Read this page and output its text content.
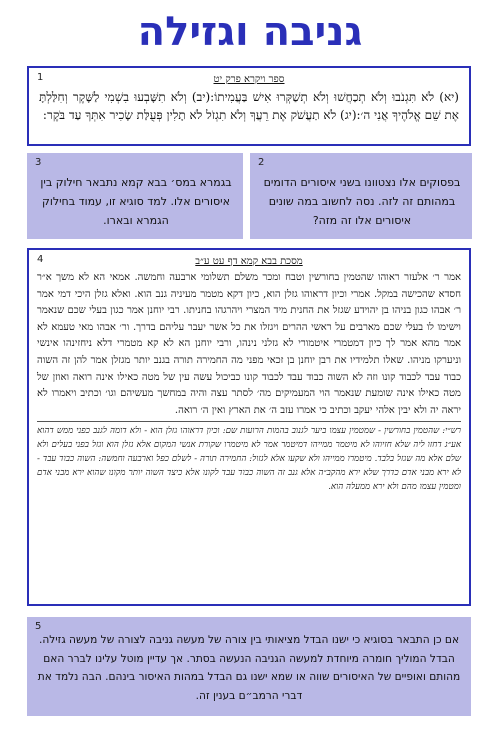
גניבה וגזילה
1	ספר ויקרא פרק יט

(יא) לֹא תִּגְנֹבוּ וְלֹא תְכַחֲשׁוּ וְלֹא תְשַׁקְּרוּ אִישׁ בַּעֲמִיתוֹ:(יב) וְלֹא תִשָּׁבְעוּ בִשְׁמִי לַשָּׁקֶר וְחִלַּלְתָּ אֶת שֵׁם אֱלֹהֶיךָ אֲנִי ה׳:(יג) לֹא תַעֲשֹׁק אֶת רֵעֲךָ וְלֹא תִגְזֹל לֹא תָלִין פְּעֻלַּת שָׂכִיר אִתְּךָ עַד בֹּקֶר:

2

בפסוקים אלו נצטוונו בשני איסורים הדומים במהותם זה לזה. נסה לחשוב במה שונים איסורים אלו זה מזה?

3

בגמרא במס׳ בבא קמא נתבאר חילוק בין איסורים אלו. למד סוגיא זו, עמוד בחילוק הגמרא ובארו.

4	מסכת בבא קמא דף עט ע״ב

אמר ר׳ אלעזר ראוהו שהטמין בחורשין וטבח ומכר משלם תשלומי ארבעה וחמשה. אמאי הא לא משך א״ר חסדא שהכישה במקל. אמרי וכיון דראוהו גזלן הוא, כיון דקא מטמר מעיניה גנב הוא. ואלא גזלן היכי דמי אמר ר׳ אבהו כגון בניהו בן יהוידע שגזל את החנית מיד המצרי ויהרגהו בחניתו. רבי יוחנן אמר כגון בעלי שכם שנאמר וישימו לו בעלי שכם מארבים על ראשי ההרים ויגזלו את כל אשר יעבר עליהם בדרך. ור׳ אבהו מאי טעמא לא אמר מהא אמר לך כיון דמטמרי איטמורי לא גזלני נינהו, ורבי יוחנן הא לא קא מטמרי דלא ניחזינהו אינשי וניערקו מניהו. שאלו תלמידיו את רבן יוחנן בן זכאי מפני מה החמירה תורה בגנב יותר מגזלן אמר להן זה השוה כבוד עבד לכבוד קונו וזה לא השוה כבוד עבד לכבוד קונו כביכול עשה עין של מטה כאילו אינה רואה ואוזן של מטה כאילו אינה שומעת שנאמר הוי המעמיקים מה׳ לסתר עצה והיה במחשך מעשיהם וגו׳ וכתיב ויאמרו לא יראה יה ולא יבין אלהי יעקב וכתיב כי אמרו עזב ה׳ את הארץ ואין ה׳ רואה.

רש״י: שהטמין בחורשין - שמטמין עצמו ביער לגנוב בהמות הרועות שם: וכיון דראוהו גזלן הוא - ולא דומה לגנב כפני ממש דהוא אע״ג דחזו ליה שלא חזיוהו לא מיטמר ממייהו דמיטמר אמר לא מיטמרו שקורת אנשי המקום אלא גזלן הוא וגזל בפני בעלים ולא שלם אלא מה שגזל בלבד. מיטמרו ממייהו ולא שקעו אלא לגזול: החמירה תורה - לשלם כפל וארבעה וחמשה: השוה כבוד עבד - לא ירא מבני אדם כדרך שלא ירא מהקב״ה אלא גנב זה השוה כבוד עבד לקונו אלא כיצד השוה יותר מקונו שהוא ירא מבני אדם ומטמין עצמו מהם ולא ירא ממעלה הוא.

5

אם כן התבאר בסוגיא כי ישנו הבדל מציאותי בין צורה של מעשה גניבה לצורה של מעשה גזילה. הבדל המוליך חומרה מיוחדת למעשה הגניבה הנעשה בסתר. אך עדיין מוטל עלינו לברר האם מהותם ואופיים של האיסורים שווה או שמא ישנו גם הבדל במהות האיסור בינהם. הבה נלמד את דברי הרמב״ם בענין זה.
